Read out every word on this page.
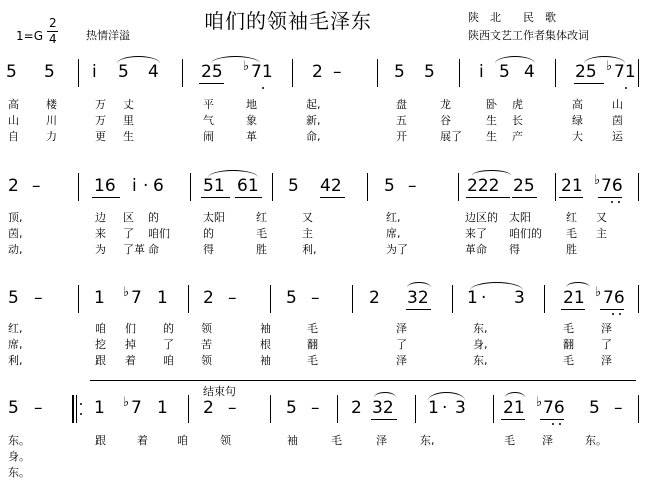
咱们的领袖毛泽东	陕　北　　民　歌
陕西文艺工作者集体改词
1=G
2
4	热情洋溢
结束句
5 5 i 5 4 25 ♭ 71 2 –	5 5	i 5 4 25 ♭ 71
高 楼	万 丈	平	地	起,	盘	龙	卧 虎	高	山
山 川	万 里	气	象	新,	五	谷	生 长	绿	茵
自 力	更 生	闹	革	命,	开	展了 生 产	大	运
2 –	16 i · 6 51 61 5 42 5 –	222 25 21 ♭ 76
顶,	边 区 的	太阳	红	又	红,	边区的 太阳	红 又
茵,	来 了 咱们	的	毛	主	席,	来了 咱们的 毛 主
动,	为 了革 命	得	胜	利,	为了	革命 得	胜
5 –	1 ♭ 7 1 2 –	5 –	2 32 1 · 3 21 ♭ 76
红,	咱 们 的 领	袖	毛	泽	东,	毛 泽
席,	挖 掉 了 苦	根	翻	了	身,	翻 了
利,	跟 着 咱 领	袖	毛	泽	东,	毛 泽
5 –	1 ♭ 7 1 2 –	5 – 2 32 1 · 3 21 ♭ 76 5 –
东。	跟	着	咱	领	袖	毛	泽	东,	毛 泽	东。
身。
东。
